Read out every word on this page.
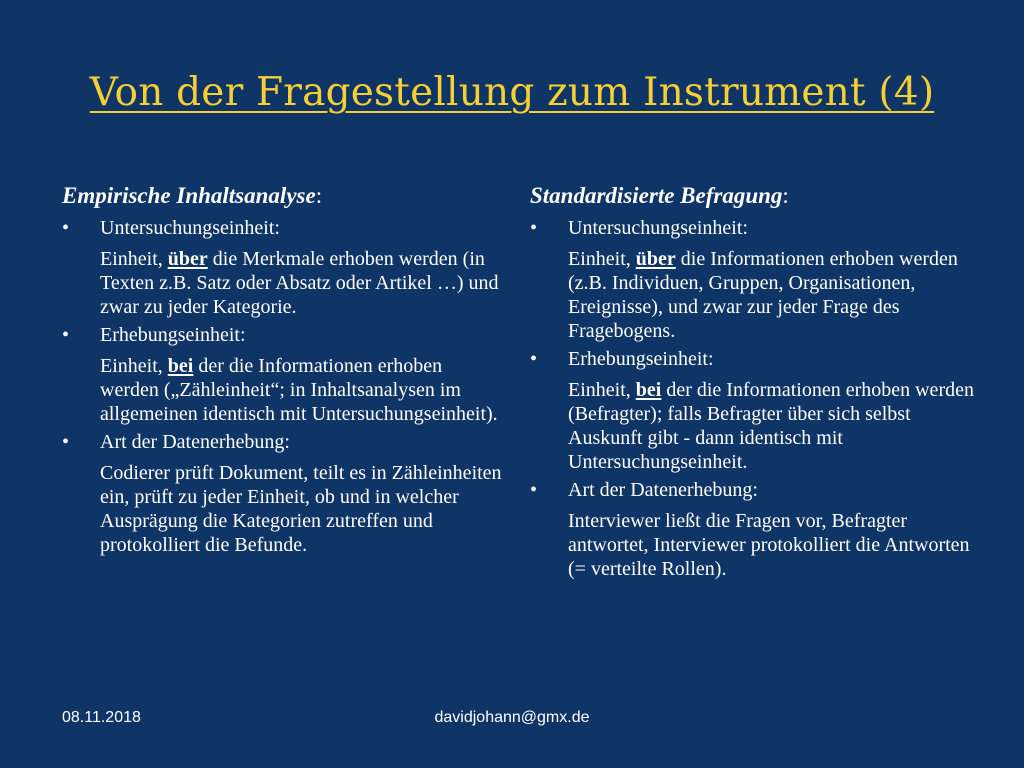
Von der Fragestellung zum Instrument (4)
Empirische Inhaltsanalyse:
• Untersuchungseinheit:
Einheit, über die Merkmale erhoben werden (in Texten z.B. Satz oder Absatz oder Artikel …) und zwar zu jeder Kategorie.
• Erhebungseinheit:
Einheit, bei der die Informationen erhoben werden („Zähleinheit“; in Inhaltsanalysen im allgemeinen identisch mit Untersuchungseinheit).
• Art der Datenerhebung:
Codierer prüft Dokument, teilt es in Zähleinheiten ein, prüft zu jeder Einheit, ob und in welcher Ausprägung die Kategorien zutreffen und protokolliert die Befunde.
Standardisierte Befragung:
• Untersuchungseinheit:
Einheit, über die Informationen erhoben werden (z.B. Individuen, Gruppen, Organisationen, Ereignisse), und zwar zur jeder Frage des Fragebogens.
• Erhebungseinheit:
Einheit, bei der die Informationen erhoben werden (Befragter); falls Befragter über sich selbst Auskunft gibt - dann identisch mit Untersuchungseinheit.
• Art der Datenerhebung:
Interviewer ließt die Fragen vor, Befragter antwortet, Interviewer protokolliert die Antworten (= verteilte Rollen).
08.11.2018	davidjohann@gmx.de
